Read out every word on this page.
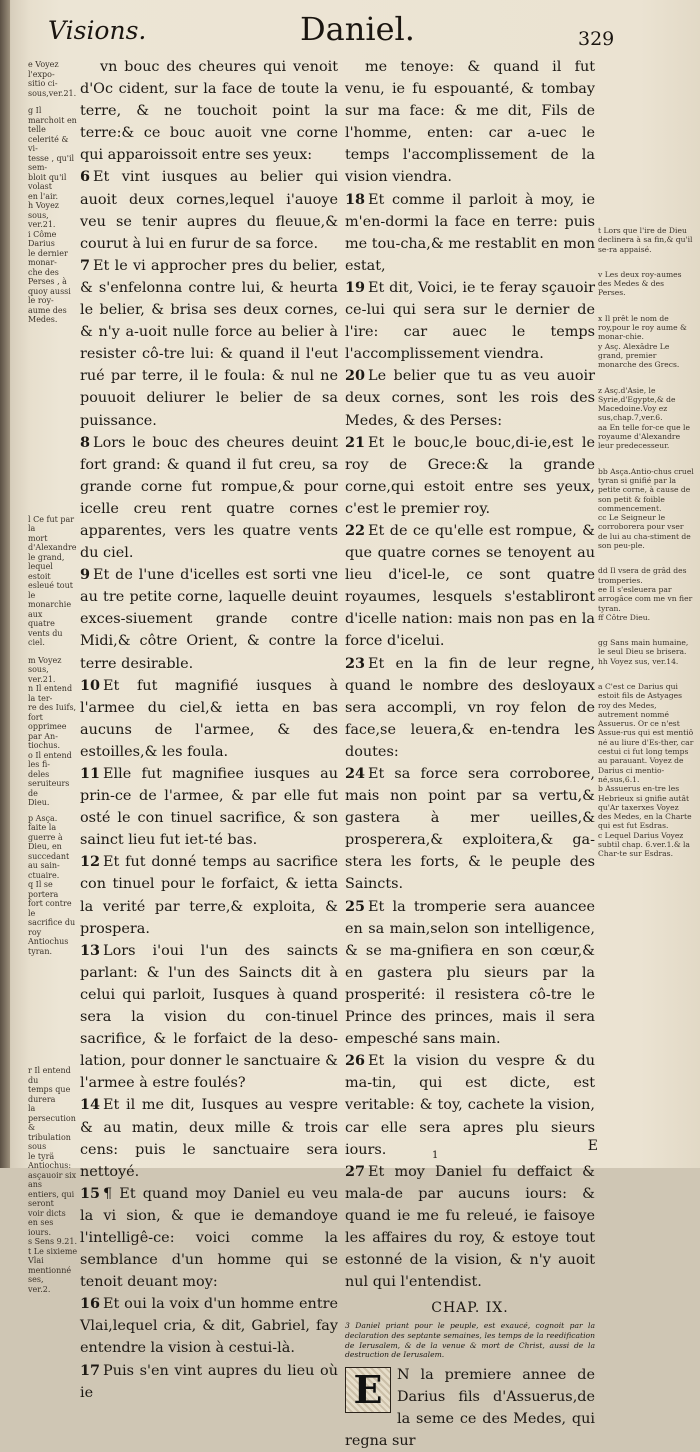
Visions.	Daniel.	329
e Voyez l'expo-
sitio ci-
sous,ver.21.
g Il marchoit en
telle celerité & vi-
tesse , qu'il sem-
bloit qu'il volast
en l'air.
h Voyez sous,
ver.21.
i Côme Darius
le dernier monar-
che des Perses , à
quoy aussi le roy-
aume des Medes.
l Ce fut par la
mort d'Alexandre
le grand, lequel
estoit esleué tout
le monarchie aux
quatre vents du
ciel.
m Voyez sous,
ver.21.
n Il entend la ter-
re des Iuifs, fort
opprimee par An-
tiochus.
o Il entend les fi-
deles seruiteurs de
Dieu.
p Asça. faite la
guerre à Dieu, en
succedant au sain-
ctuaire.
q Il se portera
fort contre le
sacrifice du roy
Antiochus tyran.
r Il entend du
temps que durera
la persecution &
tribulation sous
le tyrä Antiochus:
asçauoir six ans
entiers, qui seront
voir dicts en ses
iours.
s Sens 9.21.
t Le sixieme Vlai
mentionné ses,
ver.2.

vn bouc des cheures qui venoit d'Oc cident, sur la face de toute la terre, & ne touchoit point la terre:& ce bouc auoit vne corne qui apparoissoit entre ses yeux:

6 Et vint iusques au belier qui auoit deux cornes,lequel i'auoye veu se tenir aupres du fleuue,& courut à lui en furur de sa force.

7 Et le vi approcher pres du belier, & s'enfelonna contre lui, & heurta le belier, & brisa ses deux cornes, & n'y a-uoit nulle force au belier à resister cô-tre lui: & quand il l'eut rué par terre, il le foula: & nul ne pouuoit deliurer le belier de sa puissance.

8 Lors le bouc des cheures deuint fort grand: & quand il fut creu, sa grande corne fut rompue,& pour icelle creu rent quatre cornes apparentes, vers les quatre vents du ciel.

9 Et de l'une d'icelles est sorti vne au tre petite corne, laquelle deuint exces-siuement grande contre Midi,& côtre Orient, & contre la terre desirable.

10 Et fut magnifié iusques à l'armee du ciel,& ietta en bas aucuns de l'armee, & des estoilles,& les foula.

11 Elle fut magnifiee iusques au prin-ce de l'armee, & par elle fut osté le con tinuel sacrifice, & son sainct lieu fut iet-té bas.

12 Et fut donné temps au sacrifice con tinuel pour le forfaict, & ietta la verité par terre,& exploita, & prospera.

13 Lors i'oui l'un des saincts parlant: & l'un des Saincts dit à celui qui parloit, Iusques à quand sera la vision du con-tinuel sacrifice, & le forfaict de la deso-lation, pour donner le sanctuaire & l'armee à estre foulés?

14 Et il me dit, Iusques au vespre & au matin, deux mille & trois cens: puis le sanctuaire sera nettoyé.

15 ¶ Et quand moy Daniel eu veu la vi sion, & que ie demandoye l'intelligê-ce: voici comme la semblance d'un homme qui se tenoit deuant moy:

16 Et oui la voix d'un homme entre Vlai,lequel cria, & dit, Gabriel, fay entendre la vision à cestui-là.

17 Puis s'en vint aupres du lieu où ie

me tenoye: & quand il fut venu, ie fu espouanté, & tombay sur ma face: & me dit, Fils de l'homme, enten: car a-uec le temps l'accomplissement de la vision viendra.

18 Et comme il parloit à moy, ie m'en-dormi la face en terre: puis me tou-cha,& me restablit en mon estat,

19 Et dit, Voici, ie te feray sçauoir ce-lui qui sera sur le dernier de l'ire: car auec le temps l'accomplissement viendra.

20 Le belier que tu as veu auoir deux cornes, sont les rois des Medes, & des Perses:

21 Et le bouc,le bouc,di-ie,est le roy de Grece:& la grande corne,qui estoit entre ses yeux, c'est le premier roy.

22 Et de ce qu'elle est rompue, & que quatre cornes se tenoyent au lieu d'icel-le, ce sont quatre royaumes, lesquels s'establiront d'icelle nation: mais non pas en la force d'icelui.

23 Et en la fin de leur regne, quand le nombre des desloyaux sera accompli, vn roy felon de face,se leuera,& en-tendra les doutes:

24 Et sa force sera corroboree, mais non point par sa vertu,& gastera à mer ueilles,& prosperera,& exploitera,& ga-stera les forts, & le peuple des Saincts.

25 Et la tromperie sera auancee en sa main,selon son intelligence, & se ma-gnifiera en son cœur,& en gastera plu sieurs par la prosperité: il resistera cô-tre le Prince des princes, mais il sera empesché sans main.

26 Et la vision du vespre & du ma-tin, qui est dicte, est veritable: & toy, cachete la vision, car elle sera apres plu sieurs iours.

27 Et moy Daniel fu deffaict & mala-de par aucuns iours: & quand ie me fu releué, ie faisoye les affaires du roy, & estoye tout estonné de la vision, & n'y auoit nul qui l'entendist.

CHAP. IX.
3 Daniel priant pour le peuple, est exaucé, cognoit par la declaration des septante semaines, les temps de la reedification de Ierusalem, & de la venue & mort de Christ, aussi de la destruction de Ierusalem.
E	N la premiere annee de Darius fils d'Assuerus,de la seme ce des Medes, qui regna sur
t Lors que l'ire de Dieu declinera à sa fin,& qu'il se-ra appaisé.
v Les deux roy-aumes des Medes & des Perses.
x Il prêt le nom de roy,pour le roy aume & monar-chie.
y Asç. Alexâdre Le grand, premier monarche des Grecs.
z Asç.d'Asie, le Syrie,d'Egypte,& de Macedoine.Voy ez sus,chap.7,ver.6.
aa En telle for-ce que le royaume d'Alexandre leur predecesseur.
bb Asça.Antio-chus cruel tyran si gnifié par la petite corne, à cause de son petit & foible commencement.
cc Le Seigneur le corroborera pour vser de lui au cha-stiment de son peu-ple.
dd Il vsera de grâd des tromperies.
ee Il s'esleuera par arrogâce com me vn fier tyran.
ff Côtre Dieu.
gg Sans main humaine, le seul Dieu se brisera.
hh Voyez sus, ver.14.
a C'est ce Darius qui estoit fils de Astyages roy des Medes, autrement nommé Assuerus. Or ce n'est Assue-rus qui est mentiô né au liure d'Es-ther, car cestui ci fut long temps au parauant. Voyez de Darius ci mentio-né,sus,6.1.
b Assuerus en-tre les Hebrieux si gnifie autât qu'Ar taxerxes Voyez des Medes, en la Charte qui est fut Esdras.
c Lequel Darius Voyez subtil chap. 6.ver.1.& la Char-te sur Esdras.
E
1
